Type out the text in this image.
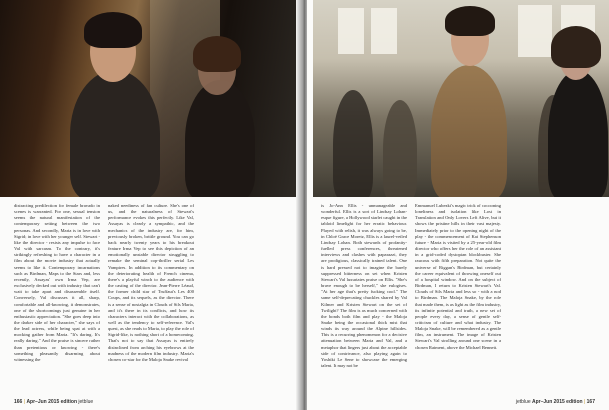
distracting predilection for female bravado in scenes is warranted. For one, sexual tension seems the natural manifestation of the contemporary setting between the two personas. And secondly, Maria is in love with Sigrid; in love with her younger self. Stewart - like the director - resists any impulse to face Val with sarcasm. To the contrary, it's strikingly refreshing to have a character in a film about the movie industry that actually seems to like it. Contemporary incarnations such as Birdman, Maps to the Stars and, less recently, Assayas' own Irma Vep, are exclusively decked out with industry that can't wait to take apart and disassemble itself. Conversely, Val discusses it all, sharp, comfortable and all-knowing, it demonstrates, one of the shortcomings just genuine in her enthusiastic appreciation. "She goes deep into the darker side of her character," she says of the lead actress, while being spat at with a mocking gather from Maria. "It's daring. It's really daring." And the praise is sincere rather than pretentious or knowing - there's something pleasantly disarming about witnessing the

naked neediness of fan culture. She's one of us, and the naturalness of Stewart's performance evokes this perfectly. Like Val, Assayas is clearly a sympathic, and the mechanics of the industry are, for him, previously broken, brittle ground. You can go back nearly twenty years to his breakout feature Irma Vep to see this depiction of an emotionally unstable director struggling to remake the seminal cop-thriller serial Les Vampires. In addition to its commentary on the deteriorating health of French cinema, there's a playful winch to the audience with the casting of the director. Jean-Pierre Léaud, the former child star of Truffaut's Les 400 Coups, and its sequels, as the director. There is a sense of nostalgia in Clouds of Sils Maria, and it's there in its conflicts, and how its characters interact with the collaborations, as well as the tendency to self-reference. Val's quest, as she reads to Maria, to play the role of Sigrid-like, is nothing short of a homecoming. That's not to say that Assayas is entirely disinclined from arching his eyebrows at the madness of the modern film industry. Maria's chosen co-star for the Maloja Snake revival

166 | Apr–Jun 2015 edition jetblue	jetblue Apr–Jun 2015 edition | 167

is Jo-Ann Ellis - unmanageable and wonderful. Ellis is a sort of Lindsay Lohan-esque figure, a Hollywood starlet caught in the tabloid limelight for her erratic behaviour. Played with relish, it was always going to be, in Chloë Grace Moretz, Ellis is a laurel-veiled Lindsay Lohan. Both stewards of profanity-fuelled press conferences, threatened interviews and clashes with paparazzi, they are prodigious, classically trained talent. One is hard pressed not to imagine the barely suppressed bitterness on set when Kristen Stewart's Val luxuriates praise on Ellis. "She's brave enough to be herself," she eulogises. "At her age that's pretty fucking cool." The same self-deprecating chuckles shared by Val Kilmer and Kristen Stewart on the set of Twilight? The film is as much concerned with the bonds both film and play - the Maloja Snake being the occasional thick mist that winds its way around the Alpine hillsides. This is a recurring phenomenon for a decisive attenuation between Maria and Val, and a metaphor that lingers just about the acceptable side of contrivance, also playing again to Yoshiki Le Sene to showcase the emerging talent. It may not be

Emmanuel Lubezki's magic trick of cocooning loneliness and isolation like Lost in Translation and Only Lovers Left Alive, but it shows the pristine hills in their vast majesty. Immediately prior to the opening night of the play - the commencement of Kai Stephenson future - Maria is visited by a 25-year-old film director who offers her the role of an assistant in a grid-coded dystopian blockbuster. She raucous with fifth preparation. Not quite the universe of Riggan's Birdman, but certainly the career equivalent of throwing oneself out of a hospital window. And on the subject of Birdman, I return to Kristen Stewart's Val. Clouds of Sils Maria and less so - with a nod to Birdman. The Maloja Snake, by the role that made them, is as light as the film industry, its infinite potential and truth, a new set of people every day, a sense of gentle self-criticism of culture and what industry. The Maloja Snake, will be remembered as a gentle film, an instrument. The image of Kristen Stewart's Val strolling around one scene in a chosen Raiment, above the Michael Bennett.
